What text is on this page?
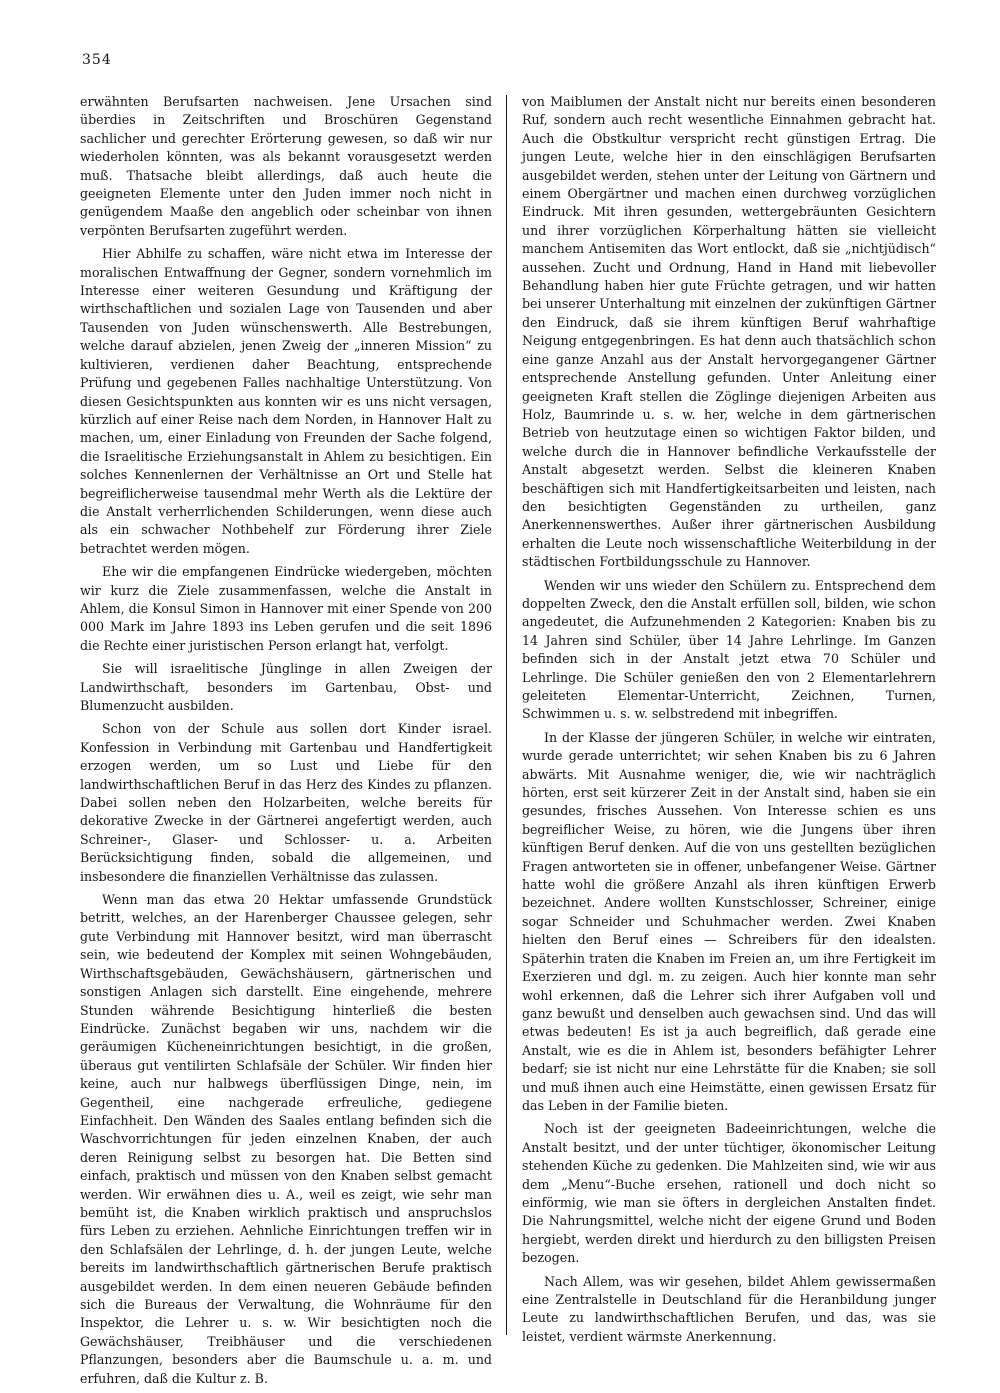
354

erwähnten Berufsarten nachweisen. Jene Ursachen sind überdies in Zeitschriften und Broschüren Gegenstand sachlicher und gerechter Erörterung gewesen, so daß wir nur wiederholen könnten, was als bekannt vorausgesetzt werden muß. Thatsache bleibt allerdings, daß auch heute die geeigneten Elemente unter den Juden immer noch nicht in genügendem Maaße den angeblich oder scheinbar von ihnen verpönten Berufsarten zugeführt werden.

Hier Abhilfe zu schaffen, wäre nicht etwa im Interesse der moralischen Entwaffnung der Gegner, sondern vornehmlich im Interesse einer weiteren Gesundung und Kräftigung der wirthschaftlichen und sozialen Lage von Tausenden und aber Tausenden von Juden wünschenswerth. Alle Bestrebungen, welche darauf abzielen, jenen Zweig der „inneren Mission“ zu kultivieren, verdienen daher Beachtung, entsprechende Prüfung und gegebenen Falles nachhaltige Unterstützung. Von diesen Gesichtspunkten aus konnten wir es uns nicht versagen, kürzlich auf einer Reise nach dem Norden, in Hannover Halt zu machen, um, einer Einladung von Freunden der Sache folgend, die Israelitische Erziehungsanstalt in Ahlem zu besichtigen. Ein solches Kennenlernen der Verhältnisse an Ort und Stelle hat begreiflicherweise tausendmal mehr Werth als die Lektüre der die Anstalt verherrlichenden Schilderungen, wenn diese auch als ein schwacher Nothbehelf zur Förderung ihrer Ziele betrachtet werden mögen.

Ehe wir die empfangenen Eindrücke wiedergeben, möchten wir kurz die Ziele zusammenfassen, welche die Anstalt in Ahlem, die Konsul Simon in Hannover mit einer Spende von 200 000 Mark im Jahre 1893 ins Leben gerufen und die seit 1896 die Rechte einer juristischen Person erlangt hat, verfolgt.

Sie will israelitische Jünglinge in allen Zweigen der Landwirthschaft, besonders im Gartenbau, Obst- und Blumenzucht ausbilden.

Schon von der Schule aus sollen dort Kinder israel. Konfession in Verbindung mit Gartenbau und Handfertigkeit erzogen werden, um so Lust und Liebe für den landwirthschaftlichen Beruf in das Herz des Kindes zu pflanzen. Dabei sollen neben den Holzarbeiten, welche bereits für dekorative Zwecke in der Gärtnerei angefertigt werden, auch Schreiner-, Glaser- und Schlosser- u. a. Arbeiten Berücksichtigung finden, sobald die allgemeinen, und insbesondere die finanziellen Verhältnisse das zulassen.

Wenn man das etwa 20 Hektar umfassende Grundstück betritt, welches, an der Harenberger Chaussee gelegen, sehr gute Verbindung mit Hannover besitzt, wird man überrascht sein, wie bedeutend der Komplex mit seinen Wohngebäuden, Wirthschaftsgebäuden, Gewächshäusern, gärtnerischen und sonstigen Anlagen sich darstellt. Eine eingehende, mehrere Stunden währende Besichtigung hinterließ die besten Eindrücke. Zunächst begaben wir uns, nachdem wir die geräumigen Kücheneinrichtungen besichtigt, in die großen, überaus gut ventilirten Schlafsäle der Schüler. Wir finden hier keine, auch nur halbwegs überflüssigen Dinge, nein, im Gegentheil, eine nachgerade erfreuliche, gediegene Einfachheit. Den Wänden des Saales entlang befinden sich die Waschvorrichtungen für jeden einzelnen Knaben, der auch deren Reinigung selbst zu besorgen hat. Die Betten sind einfach, praktisch und müssen von den Knaben selbst gemacht werden. Wir erwähnen dies u. A., weil es zeigt, wie sehr man bemüht ist, die Knaben wirklich praktisch und anspruchslos fürs Leben zu erziehen. Aehnliche Einrichtungen treffen wir in den Schlafsälen der Lehrlinge, d. h. der jungen Leute, welche bereits im landwirthschaftlich gärtnerischen Berufe praktisch ausgebildet werden. In dem einen neueren Gebäude befinden sich die Bureaus der Verwaltung, die Wohnräume für den Inspektor, die Lehrer u. s. w. Wir besichtigten noch die Gewächshäuser, Treibhäuser und die verschiedenen Pflanzungen, besonders aber die Baumschule u. a. m. und erfuhren, daß die Kultur z. B.

von Maiblumen der Anstalt nicht nur bereits einen besonderen Ruf, sondern auch recht wesentliche Einnahmen gebracht hat. Auch die Obstkultur verspricht recht günstigen Ertrag. Die jungen Leute, welche hier in den einschlägigen Berufsarten ausgebildet werden, stehen unter der Leitung von Gärtnern und einem Obergärtner und machen einen durchweg vorzüglichen Eindruck. Mit ihren gesunden, wettergebräunten Gesichtern und ihrer vorzüglichen Körperhaltung hätten sie vielleicht manchem Antisemiten das Wort entlockt, daß sie „nichtjüdisch“ aussehen. Zucht und Ordnung, Hand in Hand mit liebevoller Behandlung haben hier gute Früchte getragen, und wir hatten bei unserer Unterhaltung mit einzelnen der zukünftigen Gärtner den Eindruck, daß sie ihrem künftigen Beruf wahrhaftige Neigung entgegenbringen. Es hat denn auch thatsächlich schon eine ganze Anzahl aus der Anstalt hervorgegangener Gärtner entsprechende Anstellung gefunden. Unter Anleitung einer geeigneten Kraft stellen die Zöglinge diejenigen Arbeiten aus Holz, Baumrinde u. s. w. her, welche in dem gärtnerischen Betrieb von heutzutage einen so wichtigen Faktor bilden, und welche durch die in Hannover befindliche Verkaufsstelle der Anstalt abgesetzt werden. Selbst die kleineren Knaben beschäftigen sich mit Handfertigkeitsarbeiten und leisten, nach den besichtigten Gegenständen zu urtheilen, ganz Anerkennenswerthes. Außer ihrer gärtnerischen Ausbildung erhalten die Leute noch wissenschaftliche Weiterbildung in der städtischen Fortbildungsschule zu Hannover.

Wenden wir uns wieder den Schülern zu. Entsprechend dem doppelten Zweck, den die Anstalt erfüllen soll, bilden, wie schon angedeutet, die Aufzunehmenden 2 Kategorien: Knaben bis zu 14 Jahren sind Schüler, über 14 Jahre Lehrlinge. Im Ganzen befinden sich in der Anstalt jetzt etwa 70 Schüler und Lehrlinge. Die Schüler genießen den von 2 Elementarlehrern geleiteten Elementar-Unterricht, Zeichnen, Turnen, Schwimmen u. s. w. selbstredend mit inbegriffen.

In der Klasse der jüngeren Schüler, in welche wir eintraten, wurde gerade unterrichtet; wir sehen Knaben bis zu 6 Jahren abwärts. Mit Ausnahme weniger, die, wie wir nachträglich hörten, erst seit kürzerer Zeit in der Anstalt sind, haben sie ein gesundes, frisches Aussehen. Von Interesse schien es uns begreiflicher Weise, zu hören, wie die Jungens über ihren künftigen Beruf denken. Auf die von uns gestellten bezüglichen Fragen antworteten sie in offener, unbefangener Weise. Gärtner hatte wohl die größere Anzahl als ihren künftigen Erwerb bezeichnet. Andere wollten Kunstschlosser, Schreiner, einige sogar Schneider und Schuhmacher werden. Zwei Knaben hielten den Beruf eines — Schreibers für den idealsten. Späterhin traten die Knaben im Freien an, um ihre Fertigkeit im Exerzieren und dgl. m. zu zeigen. Auch hier konnte man sehr wohl erkennen, daß die Lehrer sich ihrer Aufgaben voll und ganz bewußt und denselben auch gewachsen sind. Und das will etwas bedeuten! Es ist ja auch begreiflich, daß gerade eine Anstalt, wie es die in Ahlem ist, besonders befähigter Lehrer bedarf; sie ist nicht nur eine Lehrstätte für die Knaben; sie soll und muß ihnen auch eine Heimstätte, einen gewissen Ersatz für das Leben in der Familie bieten.

Noch ist der geeigneten Badeeinrichtungen, welche die Anstalt besitzt, und der unter tüchtiger, ökonomischer Leitung stehenden Küche zu gedenken. Die Mahlzeiten sind, wie wir aus dem „Menu“-Buche ersehen, rationell und doch nicht so einförmig, wie man sie öfters in dergleichen Anstalten findet. Die Nahrungsmittel, welche nicht der eigene Grund und Boden hergiebt, werden direkt und hierdurch zu den billigsten Preisen bezogen.

Nach Allem, was wir gesehen, bildet Ahlem gewissermaßen eine Zentralstelle in Deutschland für die Heranbildung junger Leute zu landwirthschaftlichen Berufen, und das, was sie leistet, verdient wärmste Anerkennung.
